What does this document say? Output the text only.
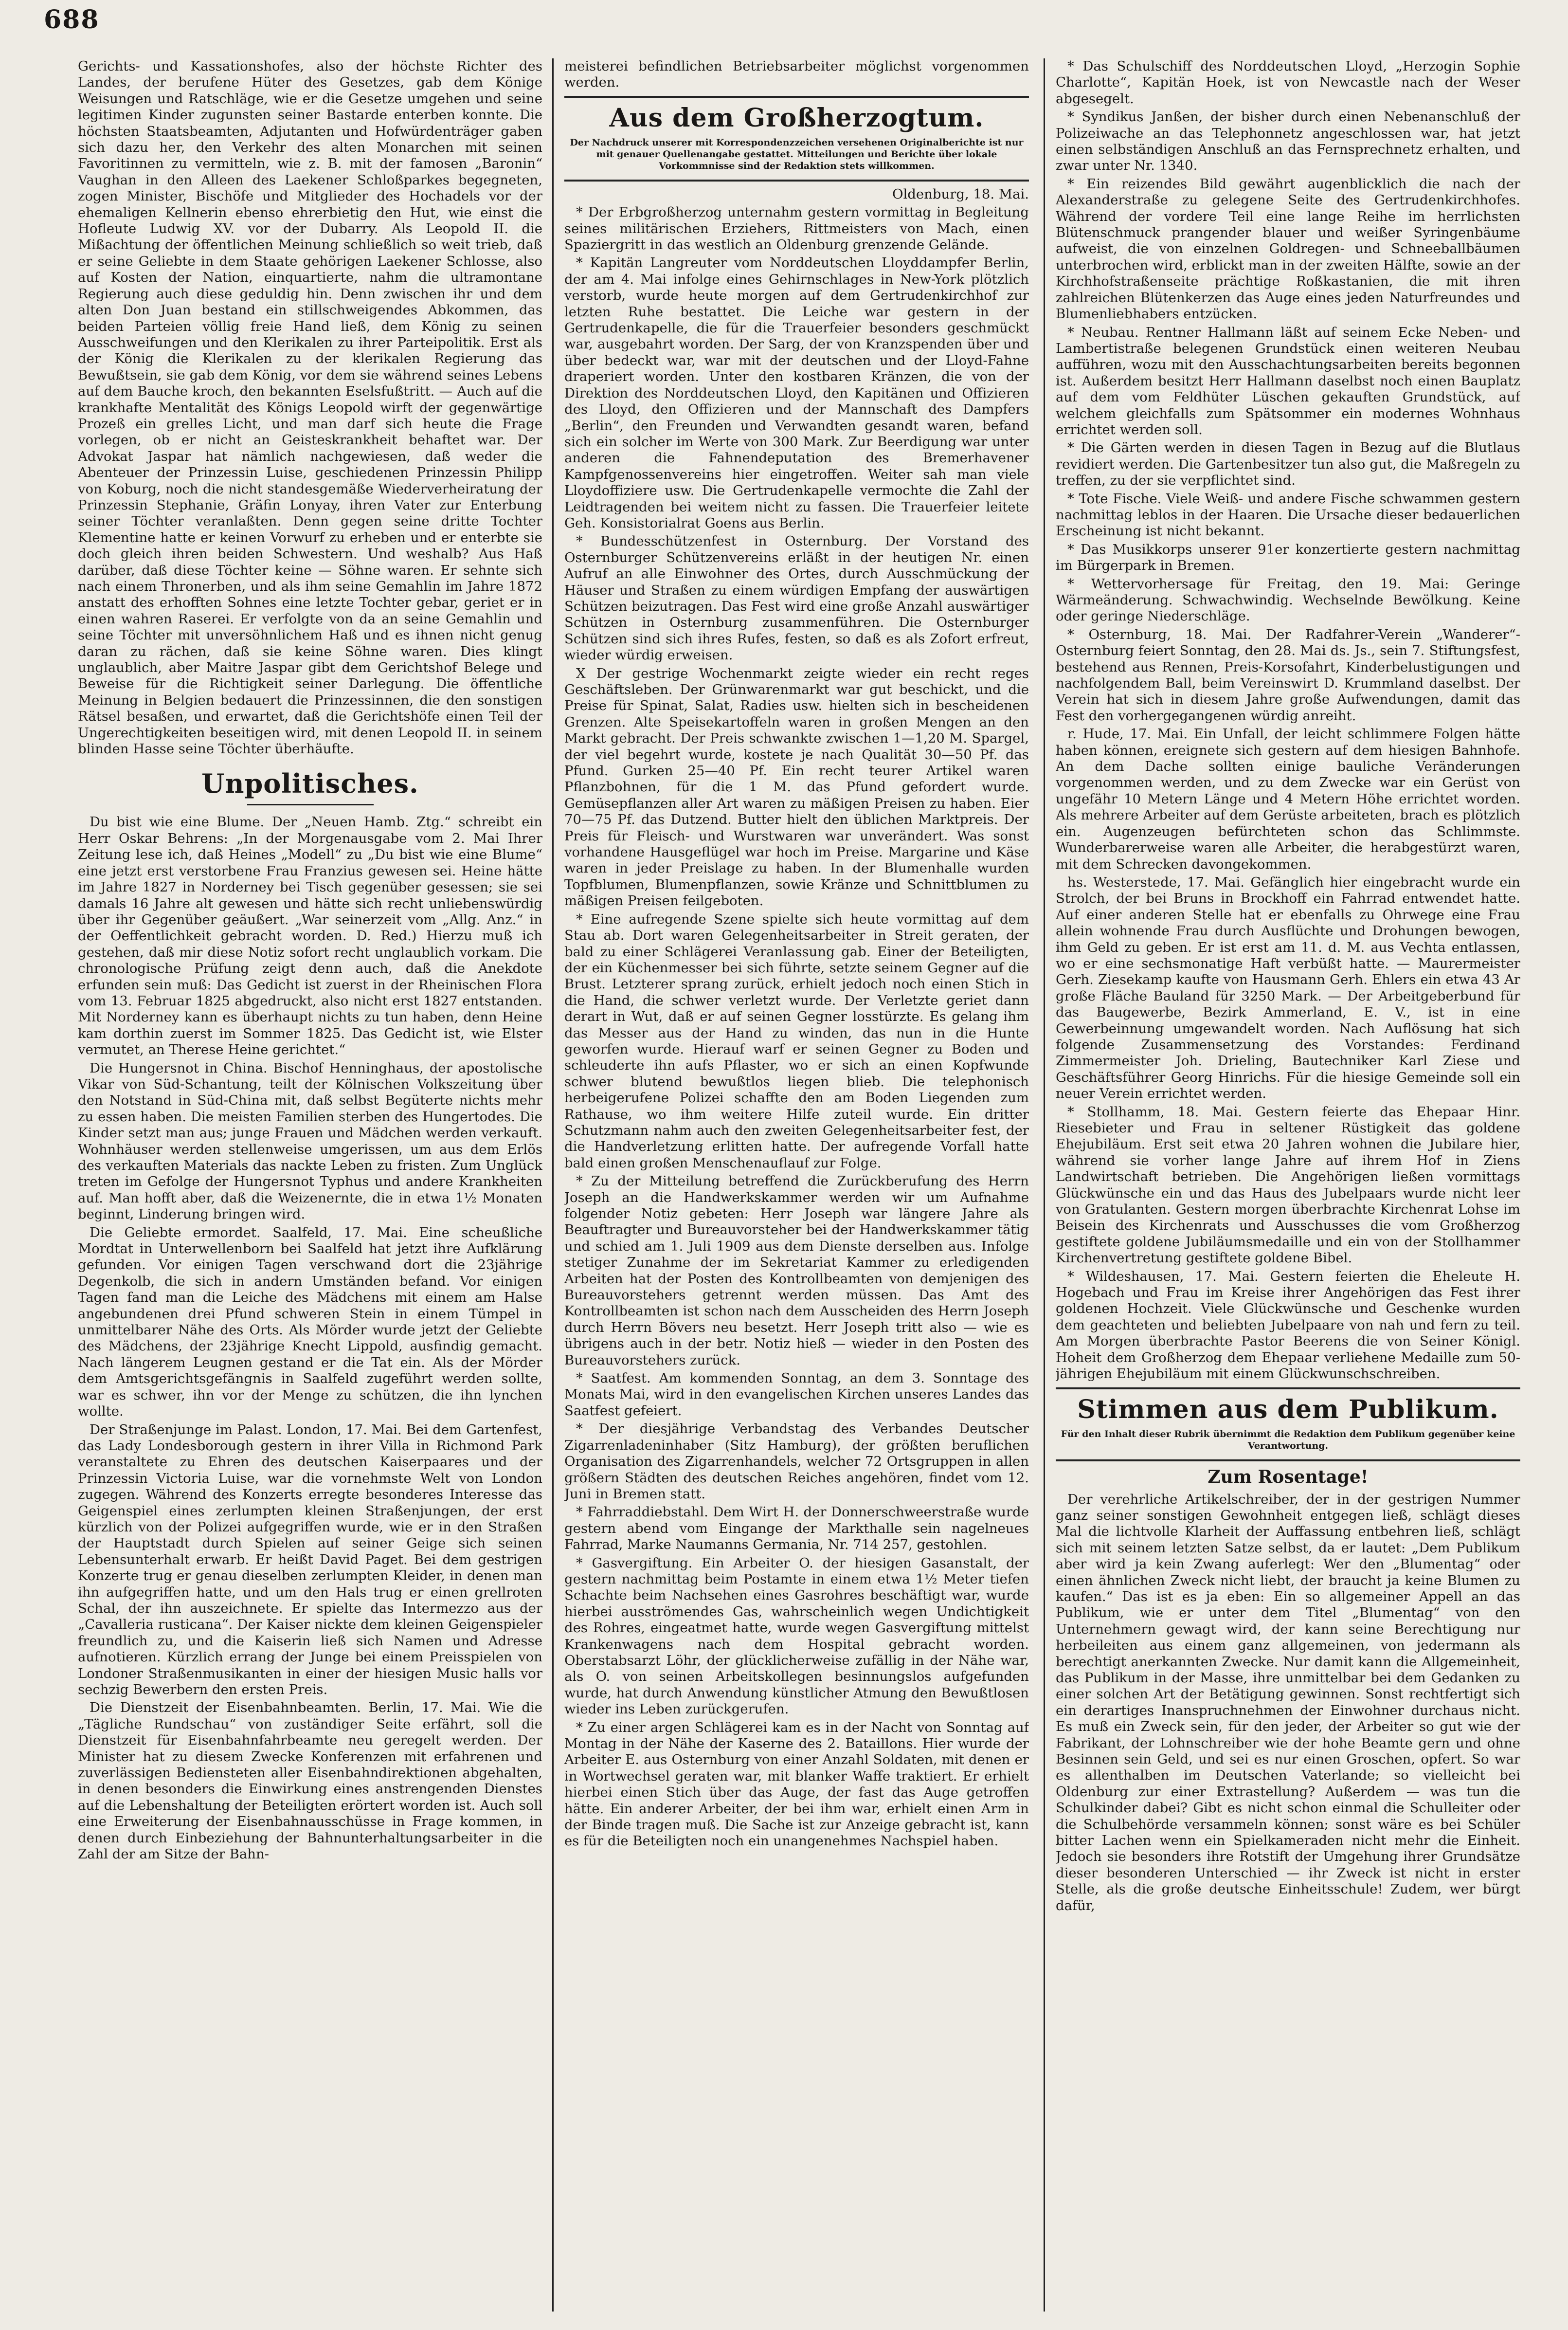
688

Gerichts- und Kassationshofes, also der höchste Richter des Landes, der berufene Hüter des Gesetzes, gab dem Könige Weisungen und Ratschläge, wie er die Gesetze umgehen und seine legitimen Kinder zugunsten seiner Bastarde enterben konnte. Die höchsten Staatsbeamten, Adjutanten und Hofwürdenträger gaben sich dazu her, den Verkehr des alten Monarchen mit seinen Favoritinnen zu vermitteln, wie z. B. mit der famosen „Baronin“ Vaughan in den Alleen des Laekener Schloßparkes begegneten, zogen Minister, Bischöfe und Mitglieder des Hochadels vor der ehemaligen Kellnerin ebenso ehrerbietig den Hut, wie einst die Hofleute Ludwig XV. vor der Dubarry. Als Leopold II. die Mißachtung der öffentlichen Meinung schließlich so weit trieb, daß er seine Geliebte in dem Staate gehörigen Laekener Schlosse, also auf Kosten der Nation, einquartierte, nahm die ultramontane Regierung auch diese geduldig hin. Denn zwischen ihr und dem alten Don Juan bestand ein stillschweigendes Abkommen, das beiden Parteien völlig freie Hand ließ, dem König zu seinen Ausschweifungen und den Klerikalen zu ihrer Parteipolitik. Erst als der König die Klerikalen zu der klerikalen Regierung das Bewußtsein, sie gab dem König, vor dem sie während seines Lebens auf dem Bauche kroch, den bekannten Eselsfußtritt. — Auch auf die krankhafte Mentalität des Königs Leopold wirft der gegenwärtige Prozeß ein grelles Licht, und man darf sich heute die Frage vorlegen, ob er nicht an Geisteskrankheit behaftet war. Der Advokat Jaspar hat nämlich nachgewiesen, daß weder die Abenteuer der Prinzessin Luise, geschiedenen Prinzessin Philipp von Koburg, noch die nicht standesgemäße Wiederverheiratung der Prinzessin Stephanie, Gräfin Lonyay, ihren Vater zur Enterbung seiner Töchter veranlaßten. Denn gegen seine dritte Tochter Klementine hatte er keinen Vorwurf zu erheben und er enterbte sie doch gleich ihren beiden Schwestern. Und weshalb? Aus Haß darüber, daß diese Töchter keine — Söhne waren. Er sehnte sich nach einem Thronerben, und als ihm seine Gemahlin im Jahre 1872 anstatt des erhofften Sohnes eine letzte Tochter gebar, geriet er in einen wahren Raserei. Er verfolgte von da an seine Gemahlin und seine Töchter mit unversöhnlichem Haß und es ihnen nicht genug daran zu rächen, daß sie keine Söhne waren. Dies klingt unglaublich, aber Maitre Jaspar gibt dem Gerichtshof Belege und Beweise für die Richtigkeit seiner Darlegung. Die öffentliche Meinung in Belgien bedauert die Prinzessinnen, die den sonstigen Rätsel besaßen, und erwartet, daß die Gerichtshöfe einen Teil der Ungerechtigkeiten beseitigen wird, mit denen Leopold II. in seinem blinden Hasse seine Töchter überhäufte.

Unpolitisches.

Du bist wie eine Blume. Der „Neuen Hamb. Ztg.“ schreibt ein Herr Oskar Behrens: „In der Morgenausgabe vom 2. Mai Ihrer Zeitung lese ich, daß Heines „Modell“ zu „Du bist wie eine Blume“ eine jetzt erst verstorbene Frau Franzius gewesen sei. Heine hätte im Jahre 1827 in Norderney bei Tisch gegenüber gesessen; sie sei damals 16 Jahre alt gewesen und hätte sich recht unliebenswürdig über ihr Gegenüber geäußert. „War seinerzeit vom „Allg. Anz.“ in der Oeffentlichkeit gebracht worden. D. Red.) Hierzu muß ich gestehen, daß mir diese Notiz sofort recht unglaublich vorkam. Die chronologische Prüfung zeigt denn auch, daß die Anekdote erfunden sein muß: Das Gedicht ist zuerst in der Rheinischen Flora vom 13. Februar 1825 abgedruckt, also nicht erst 1827 entstanden. Mit Norderney kann es überhaupt nichts zu tun haben, denn Heine kam dorthin zuerst im Sommer 1825. Das Gedicht ist, wie Elster vermutet, an Therese Heine gerichtet.“

Die Hungersnot in China. Bischof Henninghaus, der apostolische Vikar von Süd-Schantung, teilt der Kölnischen Volkszeitung über den Notstand in Süd-China mit, daß selbst Begüterte nichts mehr zu essen haben. Die meisten Familien sterben des Hungertodes. Die Kinder setzt man aus; junge Frauen und Mädchen werden verkauft. Wohnhäuser werden stellenweise umgerissen, um aus dem Erlös des verkauften Materials das nackte Leben zu fristen. Zum Unglück treten im Gefolge der Hungersnot Typhus und andere Krankheiten auf. Man hofft aber, daß die Weizenernte, die in etwa 1½ Monaten beginnt, Linderung bringen wird.

Die Geliebte ermordet. Saalfeld, 17. Mai. Eine scheußliche Mordtat in Unterwellenborn bei Saalfeld hat jetzt ihre Aufklärung gefunden. Vor einigen Tagen verschwand dort die 23jährige Degenkolb, die sich in andern Umständen befand. Vor einigen Tagen fand man die Leiche des Mädchens mit einem am Halse angebundenen drei Pfund schweren Stein in einem Tümpel in unmittelbarer Nähe des Orts. Als Mörder wurde jetzt der Geliebte des Mädchens, der 23jährige Knecht Lippold, ausfindig gemacht. Nach längerem Leugnen gestand er die Tat ein. Als der Mörder dem Amtsgerichtsgefängnis in Saalfeld zugeführt werden sollte, war es schwer, ihn vor der Menge zu schützen, die ihn lynchen wollte.

Der Straßenjunge im Palast. London, 17. Mai. Bei dem Gartenfest, das Lady Londesborough gestern in ihrer Villa in Richmond Park veranstaltete zu Ehren des deutschen Kaiserpaares und der Prinzessin Victoria Luise, war die vornehmste Welt von London zugegen. Während des Konzerts erregte besonderes Interesse das Geigenspiel eines zerlumpten kleinen Straßenjungen, der erst kürzlich von der Polizei aufgegriffen wurde, wie er in den Straßen der Hauptstadt durch Spielen auf seiner Geige sich seinen Lebensunterhalt erwarb. Er heißt David Paget. Bei dem gestrigen Konzerte trug er genau dieselben zerlumpten Kleider, in denen man ihn aufgegriffen hatte, und um den Hals trug er einen grellroten Schal, der ihn auszeichnete. Er spielte das Intermezzo aus der „Cavalleria rusticana“. Der Kaiser nickte dem kleinen Geigenspieler freundlich zu, und die Kaiserin ließ sich Namen und Adresse aufnotieren. Kürzlich errang der Junge bei einem Preisspielen von Londoner Straßenmusikanten in einer der hiesigen Music halls vor sechzig Bewerbern den ersten Preis.

Die Dienstzeit der Eisenbahnbeamten. Berlin, 17. Mai. Wie die „Tägliche Rundschau“ von zuständiger Seite erfährt, soll die Dienstzeit für Eisenbahnfahrbeamte neu geregelt werden. Der Minister hat zu diesem Zwecke Konferenzen mit erfahrenen und zuverlässigen Bediensteten aller Eisenbahndirektionen abgehalten, in denen besonders die Einwirkung eines anstrengenden Dienstes auf die Lebenshaltung der Beteiligten erörtert worden ist. Auch soll eine Erweiterung der Eisenbahnausschüsse in Frage kommen, in denen durch Einbeziehung der Bahnunterhaltungsarbeiter in die Zahl der am Sitze der Bahn-

meisterei befindlichen Betriebsarbeiter möglichst vorgenommen werden.

Aus dem Großherzogtum.
Der Nachdruck unserer mit Korrespondenzzeichen versehenen Originalberichte ist nur mit genauer Quellenangabe gestattet. Mitteilungen und Berichte über lokale Vorkommnisse sind der Redaktion stets willkommen.

Oldenburg, 18. Mai.

* Der Erbgroßherzog unternahm gestern vormittag in Begleitung seines militärischen Erziehers, Rittmeisters von Mach, einen Spaziergritt in das westlich an Oldenburg grenzende Gelände.

* Kapitän Langreuter vom Norddeutschen Lloyddampfer Berlin, der am 4. Mai infolge eines Gehirnschlages in New-York plötzlich verstorb, wurde heute morgen auf dem Gertrudenkirchhof zur letzten Ruhe bestattet. Die Leiche war gestern in der Gertrudenkapelle, die für die Trauerfeier besonders geschmückt war, ausgebahrt worden. Der Sarg, der von Kranzspenden über und über bedeckt war, war mit der deutschen und der Lloyd-Fahne draperiert worden. Unter den kostbaren Kränzen, die von der Direktion des Norddeutschen Lloyd, den Kapitänen und Offizieren des Lloyd, den Offizieren und der Mannschaft des Dampfers „Berlin“, den Freunden und Verwandten gesandt waren, befand sich ein solcher im Werte von 300 Mark. Zur Beerdigung war unter anderen die Fahnendeputation des Bremerhavener Kampfgenossenvereins hier eingetroffen. Weiter sah man viele Lloydoffiziere usw. Die Gertrudenkapelle vermochte die Zahl der Leidtragenden bei weitem nicht zu fassen. Die Trauerfeier leitete Geh. Konsistorialrat Goens aus Berlin.

* Bundesschützenfest in Osternburg. Der Vorstand des Osternburger Schützenvereins erläßt in der heutigen Nr. einen Aufruf an alle Einwohner des Ortes, durch Ausschmückung der Häuser und Straßen zu einem würdigen Empfang der auswärtigen Schützen beizutragen. Das Fest wird eine große Anzahl auswärtiger Schützen in Osternburg zusammenführen. Die Osternburger Schützen sind sich ihres Rufes, festen, so daß es als Zofort erfreut, wieder würdig erweisen.

X Der gestrige Wochenmarkt zeigte wieder ein recht reges Geschäftsleben. Der Grünwarenmarkt war gut beschickt, und die Preise für Spinat, Salat, Radies usw. hielten sich in bescheidenen Grenzen. Alte Speisekartoffeln waren in großen Mengen an den Markt gebracht. Der Preis schwankte zwischen 1—1,20 M. Spargel, der viel begehrt wurde, kostete je nach Qualität 30—50 Pf. das Pfund. Gurken 25—40 Pf. Ein recht teurer Artikel waren Pflanzbohnen, für die 1 M. das Pfund gefordert wurde. Gemüsepflanzen aller Art waren zu mäßigen Preisen zu haben. Eier 70—75 Pf. das Dutzend. Butter hielt den üblichen Marktpreis. Der Preis für Fleisch- und Wurstwaren war unverändert. Was sonst vorhandene Hausgeflügel war hoch im Preise. Margarine und Käse waren in jeder Preislage zu haben. In der Blumenhalle wurden Topfblumen, Blumenpflanzen, sowie Kränze und Schnittblumen zu mäßigen Preisen feilgeboten.

* Eine aufregende Szene spielte sich heute vormittag auf dem Stau ab. Dort waren Gelegenheitsarbeiter in Streit geraten, der bald zu einer Schlägerei Veranlassung gab. Einer der Beteiligten, der ein Küchenmesser bei sich führte, setzte seinem Gegner auf die Brust. Letzterer sprang zurück, erhielt jedoch noch einen Stich in die Hand, die schwer verletzt wurde. Der Verletzte geriet dann derart in Wut, daß er auf seinen Gegner losstürzte. Es gelang ihm das Messer aus der Hand zu winden, das nun in die Hunte geworfen wurde. Hierauf warf er seinen Gegner zu Boden und schleuderte ihn aufs Pflaster, wo er sich an einen Kopfwunde schwer blutend bewußtlos liegen blieb. Die telephonisch herbeigerufene Polizei schaffte den am Boden Liegenden zum Rathause, wo ihm weitere Hilfe zuteil wurde. Ein dritter Schutzmann nahm auch den zweiten Gelegenheitsarbeiter fest, der die Handverletzung erlitten hatte. Der aufregende Vorfall hatte bald einen großen Menschenauflauf zur Folge.

* Zu der Mitteilung betreffend die Zurückberufung des Herrn Joseph an die Handwerkskammer werden wir um Aufnahme folgender Notiz gebeten: Herr Joseph war längere Jahre als Beauftragter und Bureauvorsteher bei der Handwerkskammer tätig und schied am 1. Juli 1909 aus dem Dienste derselben aus. Infolge stetiger Zunahme der im Sekretariat Kammer zu erledigenden Arbeiten hat der Posten des Kontrollbeamten von demjenigen des Bureauvorstehers getrennt werden müssen. Das Amt des Kontrollbeamten ist schon nach dem Ausscheiden des Herrn Joseph durch Herrn Bövers neu besetzt. Herr Joseph tritt also — wie es übrigens auch in der betr. Notiz hieß — wieder in den Posten des Bureauvorstehers zurück.

* Saatfest. Am kommenden Sonntag, an dem 3. Sonntage des Monats Mai, wird in den evangelischen Kirchen unseres Landes das Saatfest gefeiert.

* Der diesjährige Verbandstag des Verbandes Deutscher Zigarrenladeninhaber (Sitz Hamburg), der größten beruflichen Organisation des Zigarrenhandels, welcher 72 Ortsgruppen in allen größern Städten des deutschen Reiches angehören, findet vom 12. Juni in Bremen statt.

* Fahrraddiebstahl. Dem Wirt H. der Donnerschweerstraße wurde gestern abend vom Eingange der Markthalle sein nagelneues Fahrrad, Marke Naumanns Germania, Nr. 714 257, gestohlen.

* Gasvergiftung. Ein Arbeiter O. der hiesigen Gasanstalt, der gestern nachmittag beim Postamte in einem etwa 1½ Meter tiefen Schachte beim Nachsehen eines Gasrohres beschäftigt war, wurde hierbei ausströmendes Gas, wahrscheinlich wegen Undichtigkeit des Rohres, eingeatmet hatte, wurde wegen Gasvergiftung mittelst Krankenwagens nach dem Hospital gebracht worden. Oberstabsarzt Löhr, der glücklicherweise zufällig in der Nähe war, als O. von seinen Arbeitskollegen besinnungslos aufgefunden wurde, hat durch Anwendung künstlicher Atmung den Bewußtlosen wieder ins Leben zurückgerufen.

* Zu einer argen Schlägerei kam es in der Nacht von Sonntag auf Montag in der Nähe der Kaserne des 2. Bataillons. Hier wurde der Arbeiter E. aus Osternburg von einer Anzahl Soldaten, mit denen er in Wortwechsel geraten war, mit blanker Waffe traktiert. Er erhielt hierbei einen Stich über das Auge, der fast das Auge getroffen hätte. Ein anderer Arbeiter, der bei ihm war, erhielt einen Arm in der Binde tragen muß. Die Sache ist zur Anzeige gebracht ist, kann es für die Beteiligten noch ein unangenehmes Nachspiel haben.

* Das Schulschiff des Norddeutschen Lloyd, „Herzogin Sophie Charlotte“, Kapitän Hoek, ist von Newcastle nach der Weser abgesegelt.

* Syndikus Janßen, der bisher durch einen Nebenanschluß der Polizeiwache an das Telephonnetz angeschlossen war, hat jetzt einen selbständigen Anschluß an das Fernsprechnetz erhalten, und zwar unter Nr. 1340.

* Ein reizendes Bild gewährt augenblicklich die nach der Alexanderstraße zu gelegene Seite des Gertrudenkirchhofes. Während der vordere Teil eine lange Reihe im herrlichsten Blütenschmuck prangender blauer und weißer Syringenbäume aufweist, die von einzelnen Goldregen- und Schneeballbäumen unterbrochen wird, erblickt man in der zweiten Hälfte, sowie an der Kirchhofstraßenseite prächtige Roßkastanien, die mit ihren zahlreichen Blütenkerzen das Auge eines jeden Naturfreundes und Blumenliebhabers entzücken.

* Neubau. Rentner Hallmann läßt auf seinem Ecke Neben- und Lambertistraße belegenen Grundstück einen weiteren Neubau aufführen, wozu mit den Ausschachtungsarbeiten bereits begonnen ist. Außerdem besitzt Herr Hallmann daselbst noch einen Bauplatz auf dem vom Feldhüter Lüschen gekauften Grundstück, auf welchem gleichfalls zum Spätsommer ein modernes Wohnhaus errichtet werden soll.

* Die Gärten werden in diesen Tagen in Bezug auf die Blutlaus revidiert werden. Die Gartenbesitzer tun also gut, die Maßregeln zu treffen, zu der sie verpflichtet sind.

* Tote Fische. Viele Weiß- und andere Fische schwammen gestern nachmittag leblos in der Haaren. Die Ursache dieser bedauerlichen Erscheinung ist nicht bekannt.

* Das Musikkorps unserer 91er konzertierte gestern nachmittag im Bürgerpark in Bremen.

* Wettervorhersage für Freitag, den 19. Mai: Geringe Wärmeänderung. Schwachwindig. Wechselnde Bewölkung. Keine oder geringe Niederschläge.

* Osternburg, 18. Mai. Der Radfahrer-Verein „Wanderer“-Osternburg feiert Sonntag, den 28. Mai ds. Js., sein 7. Stiftungsfest, bestehend aus Rennen, Preis-Korsofahrt, Kinderbelustigungen und nachfolgendem Ball, beim Vereinswirt D. Krummland daselbst. Der Verein hat sich in diesem Jahre große Aufwendungen, damit das Fest den vorhergegangenen würdig anreiht.

r. Hude, 17. Mai. Ein Unfall, der leicht schlimmere Folgen hätte haben können, ereignete sich gestern auf dem hiesigen Bahnhofe. An dem Dache sollten einige bauliche Veränderungen vorgenommen werden, und zu dem Zwecke war ein Gerüst von ungefähr 10 Metern Länge und 4 Metern Höhe errichtet worden. Als mehrere Arbeiter auf dem Gerüste arbeiteten, brach es plötzlich ein. Augenzeugen befürchteten schon das Schlimmste. Wunderbarerweise waren alle Arbeiter, die herabgestürzt waren, mit dem Schrecken davongekommen.

hs. Westerstede, 17. Mai. Gefänglich hier eingebracht wurde ein Strolch, der bei Bruns in Brockhoff ein Fahrrad entwendet hatte. Auf einer anderen Stelle hat er ebenfalls zu Ohrwege eine Frau allein wohnende Frau durch Ausflüchte und Drohungen bewogen, ihm Geld zu geben. Er ist erst am 11. d. M. aus Vechta entlassen, wo er eine sechsmonatige Haft verbüßt hatte. — Maurermeister Gerh. Ziesekamp kaufte von Hausmann Gerh. Ehlers ein etwa 43 Ar große Fläche Bauland für 3250 Mark. — Der Arbeitgeberbund für das Baugewerbe, Bezirk Ammerland, E. V., ist in eine Gewerbeinnung umgewandelt worden. Nach Auflösung hat sich folgende Zusammensetzung des Vorstandes: Ferdinand Zimmermeister Joh. Drieling, Bautechniker Karl Ziese und Geschäftsführer Georg Hinrichs. Für die hiesige Gemeinde soll ein neuer Verein errichtet werden.

* Stollhamm, 18. Mai. Gestern feierte das Ehepaar Hinr. Riesebieter und Frau in seltener Rüstigkeit das goldene Ehejubiläum. Erst seit etwa 20 Jahren wohnen die Jubilare hier, während sie vorher lange Jahre auf ihrem Hof in Ziens Landwirtschaft betrieben. Die Angehörigen ließen vormittags Glückwünsche ein und das Haus des Jubelpaars wurde nicht leer von Gratulanten. Gestern morgen überbrachte Kirchenrat Lohse im Beisein des Kirchenrats und Ausschusses die vom Großherzog gestiftete goldene Jubiläumsmedaille und ein von der Stollhammer Kirchenvertretung gestiftete goldene Bibel.

* Wildeshausen, 17. Mai. Gestern feierten die Eheleute H. Hogebach und Frau im Kreise ihrer Angehörigen das Fest ihrer goldenen Hochzeit. Viele Glückwünsche und Geschenke wurden dem geachteten und beliebten Jubelpaare von nah und fern zu teil. Am Morgen überbrachte Pastor Beerens die von Seiner Königl. Hoheit dem Großherzog dem Ehepaar verliehene Medaille zum 50-jährigen Ehejubiläum mit einem Glückwunschschreiben.

Stimmen aus dem Publikum.
Für den Inhalt dieser Rubrik übernimmt die Redaktion dem Publikum gegenüber keine Verantwortung.
Zum Rosentage!

Der verehrliche Artikelschreiber, der in der gestrigen Nummer ganz seiner sonstigen Gewohnheit entgegen ließ, schlägt dieses Mal die lichtvolle Klarheit der Auffassung entbehren ließ, schlägt sich mit seinem letzten Satze selbst, da er lautet: „Dem Publikum aber wird ja kein Zwang auferlegt: Wer den „Blumentag“ oder einen ähnlichen Zweck nicht liebt, der braucht ja keine Blumen zu kaufen.“ Das ist es ja eben: Ein so allgemeiner Appell an das Publikum, wie er unter dem Titel „Blumentag“ von den Unternehmern gewagt wird, der kann seine Berechtigung nur herbeileiten aus einem ganz allgemeinen, von jedermann als berechtigt anerkannten Zwecke. Nur damit kann die Allgemeinheit, das Publikum in der Masse, ihre unmittelbar bei dem Gedanken zu einer solchen Art der Betätigung gewinnen. Sonst rechtfertigt sich ein derartiges Inanspruchnehmen der Einwohner durchaus nicht. Es muß ein Zweck sein, für den jeder, der Arbeiter so gut wie der Fabrikant, der Lohnschreiber wie der hohe Beamte gern und ohne Besinnen sein Geld, und sei es nur einen Groschen, opfert. So war es allenthalben im Deutschen Vaterlande; so vielleicht bei Oldenburg zur einer Extrastellung? Außerdem — was tun die Schulkinder dabei? Gibt es nicht schon einmal die Schulleiter oder die Schulbehörde versammeln können; sonst wäre es bei Schüler bitter Lachen wenn ein Spielkameraden nicht mehr die Einheit. Jedoch sie besonders ihre Rotstift der Umgehung ihrer Grundsätze dieser besonderen Unterschied — ihr Zweck ist nicht in erster Stelle, als die große deutsche Einheitsschule! Zudem, wer bürgt dafür,
